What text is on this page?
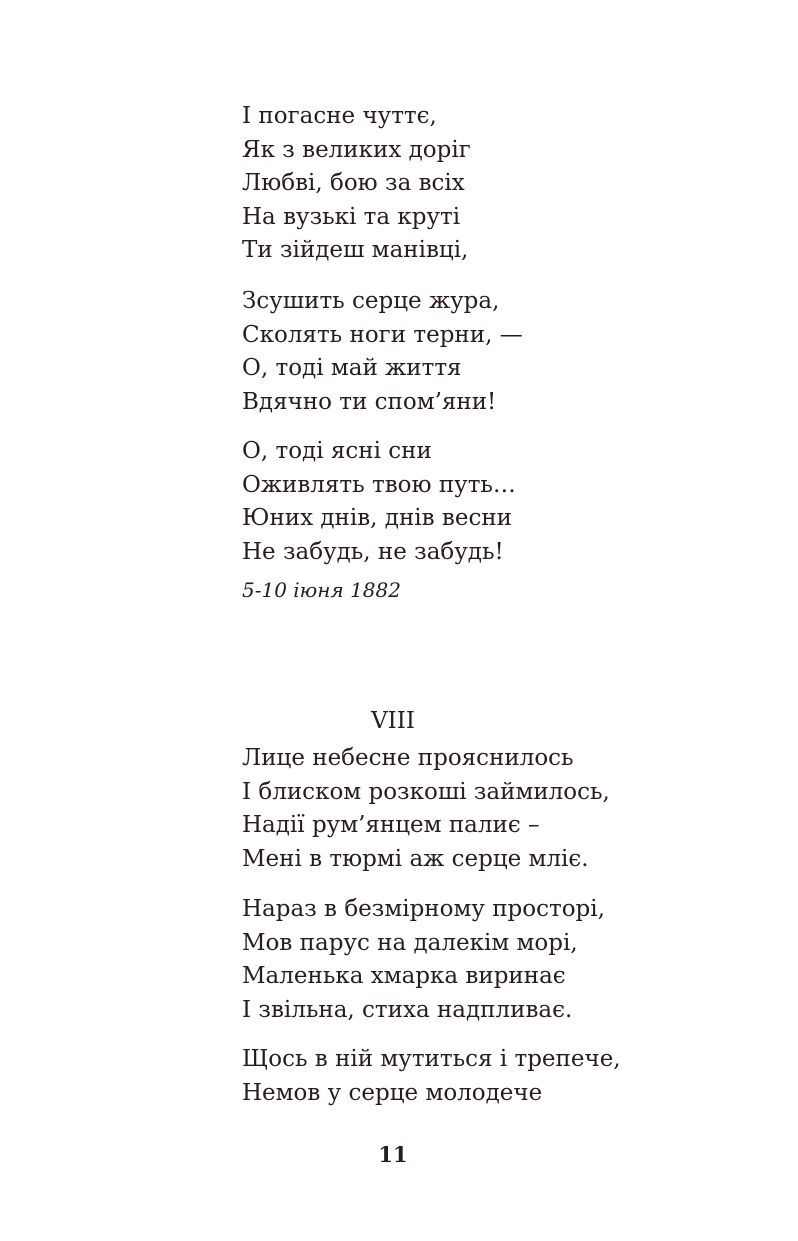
І погасне чуттє,
Як з великих доріг
Любві, бою за всіх
На вузькі та круті
Ти зійдеш манівці,
Зсушить серце жура,
Сколять ноги терни, —
О, тоді май життя
Вдячно ти спом’яни!
О, тоді ясні сни
Оживлять твою путь…
Юних днів, днів весни
Не забудь, не забудь!
5-10 іюня 1882
VIII
Лице небесне прояснилось
І блиском розкоші займилось,
Надії рум’янцем палиє –
Мені в тюрмі аж серце мліє.
Нараз в безмірному просторі,
Мов парус на далекім морі,
Маленька хмарка виринає
І звільна, стиха надпливає.
Щось в ній мутиться і трепече,
Немов у серце молодече
11
